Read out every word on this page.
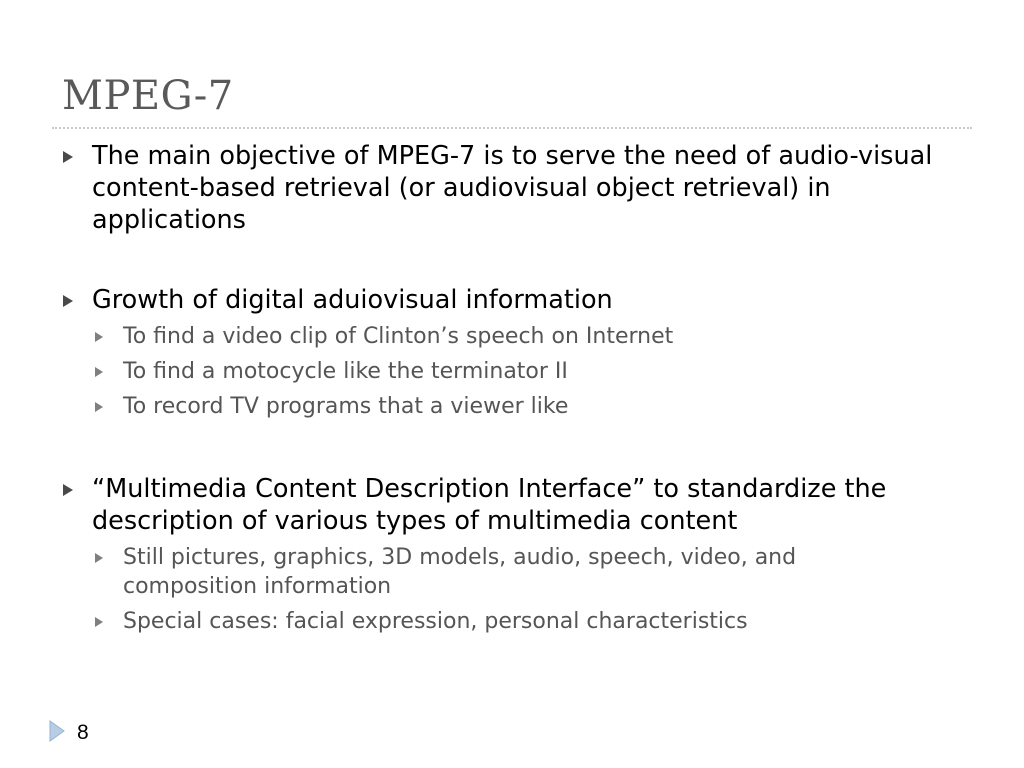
MPEG-7
The main objective of MPEG-7 is to serve the need of audio-visual content-based retrieval (or audiovisual object retrieval) in applications
Growth of digital aduiovisual information
To find a video clip of Clinton’s speech on Internet
To find a motocycle like the terminator II
To record TV programs that a viewer like
“Multimedia Content Description Interface” to standardize the description of various types of multimedia content
Still pictures, graphics, 3D models, audio, speech, video, and composition information
Special cases: facial expression, personal characteristics
8
